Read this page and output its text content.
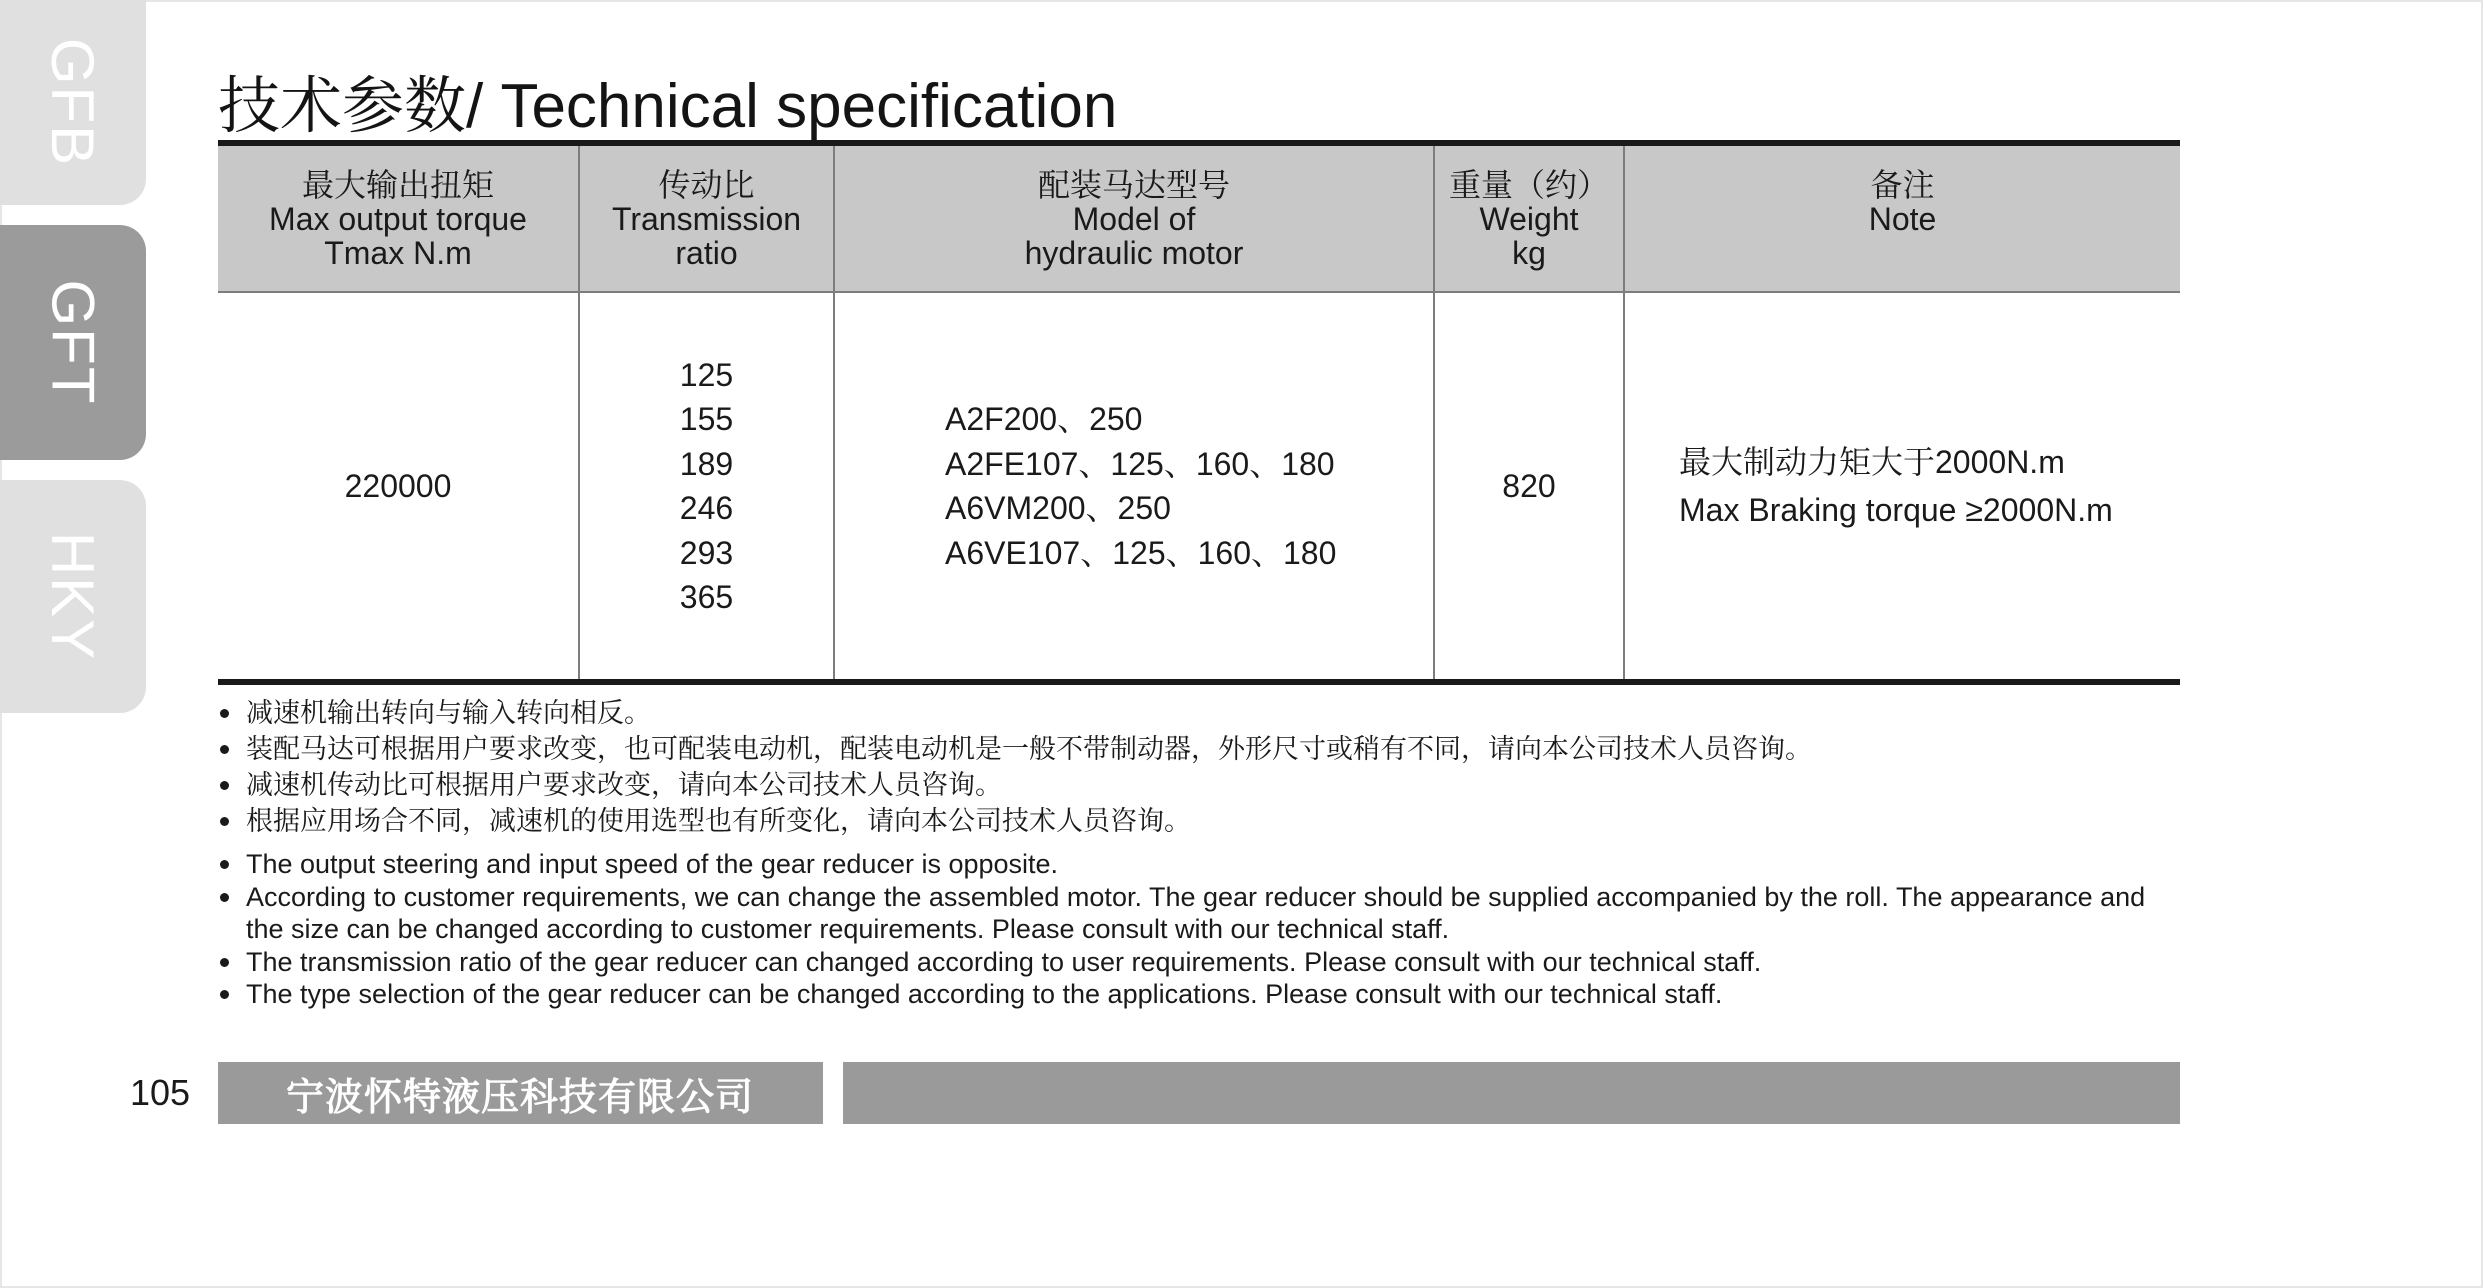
GFB
GFT
HKY
技术参数/ Technical specification
最大输出扭矩
Max output torque
Tmax N.m
传动比
Transmission
ratio
配装马达型号
Model of
hydraulic motor
重量（约）
Weight
kg
备注
Note
220000
125
155
189
246
293
365
A2F200、250
A2FE107、125、160、180
A6VM200、250
A6VE107、125、160、180
820
最大制动力矩大于2000N.m
Max Braking torque ≥2000N.m
减速机输出转向与输入转向相反。
装配马达可根据用户要求改变，也可配装电动机，配装电动机是一般不带制动器，外形尺寸或稍有不同，请向本公司技术人员咨询。
减速机传动比可根据用户要求改变，请向本公司技术人员咨询。
根据应用场合不同，减速机的使用选型也有所变化，请向本公司技术人员咨询。
The output steering and input speed of the gear reducer is opposite.
According to customer requirements, we can change the assembled motor. The gear reducer should be supplied accompanied by the roll. The appearance and the size can be changed according to customer requirements. Please consult with our technical staff.
The transmission ratio of the gear reducer can changed according to user requirements. Please consult with our technical staff.
The type selection of the gear reducer can be changed according to the applications. Please consult with our technical staff.
105	宁波怀特液压科技有限公司
